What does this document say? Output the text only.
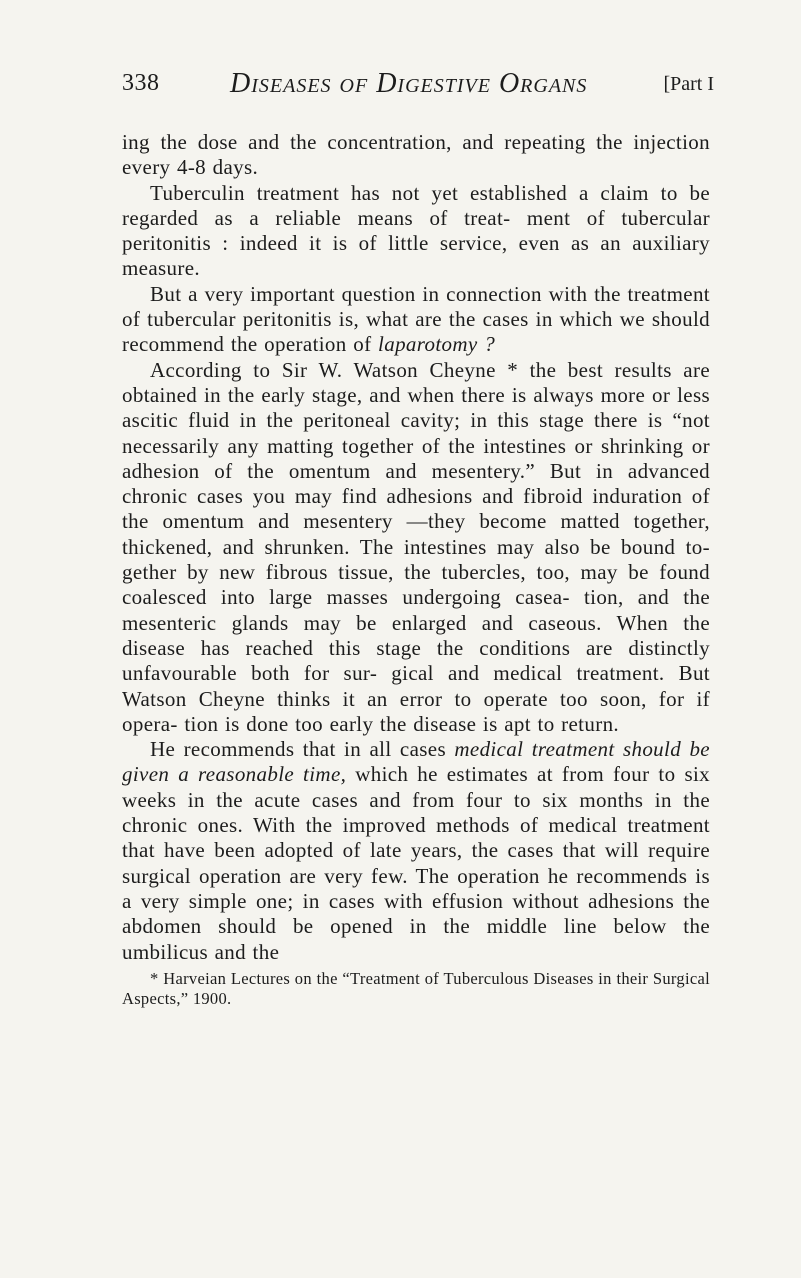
338	Diseases of Digestive Organs	[Part I

ing the dose and the concentration, and repeating the injection every 4-8 days.

Tuberculin treatment has not yet established a claim to be regarded as a reliable means of treat- ment of tubercular peritonitis : indeed it is of little service, even as an auxiliary measure.

But a very important question in connection with the treatment of tubercular peritonitis is, what are the cases in which we should recommend the operation of laparotomy ?

According to Sir W. Watson Cheyne * the best results are obtained in the early stage, and when there is always more or less ascitic fluid in the peritoneal cavity; in this stage there is “not necessarily any matting together of the intestines or shrinking or adhesion of the omentum and mesentery.” But in advanced chronic cases you may find adhesions and fibroid induration of the omentum and mesentery —they become matted together, thickened, and shrunken. The intestines may also be bound to- gether by new fibrous tissue, the tubercles, too, may be found coalesced into large masses undergoing casea- tion, and the mesenteric glands may be enlarged and caseous. When the disease has reached this stage the conditions are distinctly unfavourable both for sur- gical and medical treatment. But Watson Cheyne thinks it an error to operate too soon, for if opera- tion is done too early the disease is apt to return.

He recommends that in all cases medical treatment should be given a reasonable time, which he estimates at from four to six weeks in the acute cases and from four to six months in the chronic ones. With the improved methods of medical treatment that have been adopted of late years, the cases that will require surgical operation are very few. The operation he recommends is a very simple one; in cases with effusion without adhesions the abdomen should be opened in the middle line below the umbilicus and the

* Harveian Lectures on the “Treatment of Tuberculous Diseases in their Surgical Aspects,” 1900.
